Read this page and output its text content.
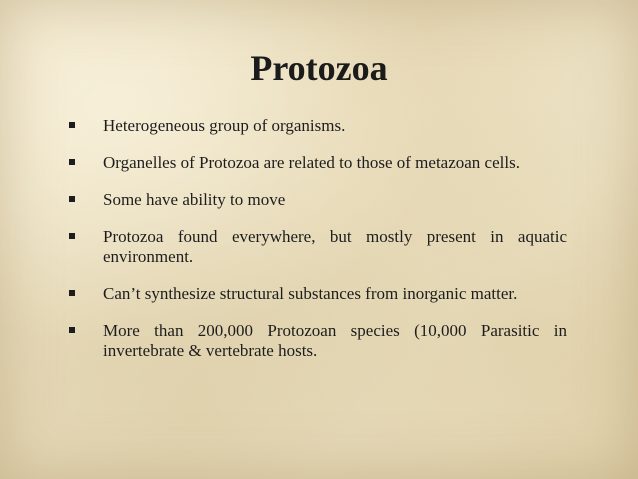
Protozoa
Heterogeneous group of organisms.
Organelles of Protozoa are related to those of metazoan cells.
Some have ability to move
Protozoa found everywhere, but mostly present in aquatic environment.
Can’t synthesize structural substances from inorganic matter.
More than 200,000 Protozoan species (10,000 Parasitic in invertebrate & vertebrate hosts.
